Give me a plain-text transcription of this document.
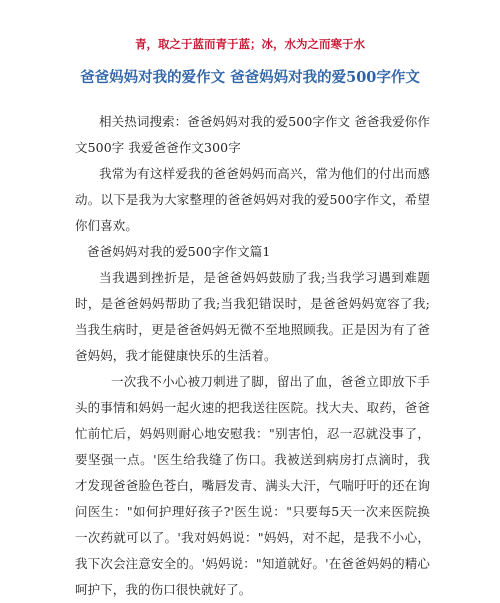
青，取之于蓝而青于蓝；冰，水为之而寒于水

爸爸妈妈对我的爱作文 爸爸妈妈对我的爱500字作文

相关热词搜索：爸爸妈妈对我的爱500字作文 爸爸我爱你作文500字 我爱爸爸作文300字

我常为有这样爱我的爸爸妈妈而高兴，常为他们的付出而感动。以下是我为大家整理的爸爸妈妈对我的爱500字作文，希望你们喜欢。

爸爸妈妈对我的爱500字作文篇1

当我遇到挫折是，是爸爸妈妈鼓励了我;当我学习遇到难题时，是爸爸妈妈帮助了我;当我犯错误时，是爸爸妈妈宽容了我;当我生病时，更是爸爸妈妈无微不至地照顾我。正是因为有了爸爸妈妈，我才能健康快乐的生活着。

一次我不小心被刀刺进了脚，留出了血，爸爸立即放下手头的事情和妈妈一起火速的把我送往医院。找大夫、取药，爸爸忙前忙后，妈妈则耐心地安慰我："别害怕，忍一忍就没事了，要坚强一点。'医生给我缝了伤口。我被送到病房打点滴时，我才发现爸爸脸色苍白，嘴唇发青、满头大汗，气喘吁吁的还在询问医生："如何护理好孩子?'医生说："只要每5天一次来医院换一次药就可以了。'我对妈妈说："妈妈，对不起，是我不小心，我下次会注意安全的。'妈妈说："知道就好。'在爸爸妈妈的精心呵护下，我的伤口很快就好了。
